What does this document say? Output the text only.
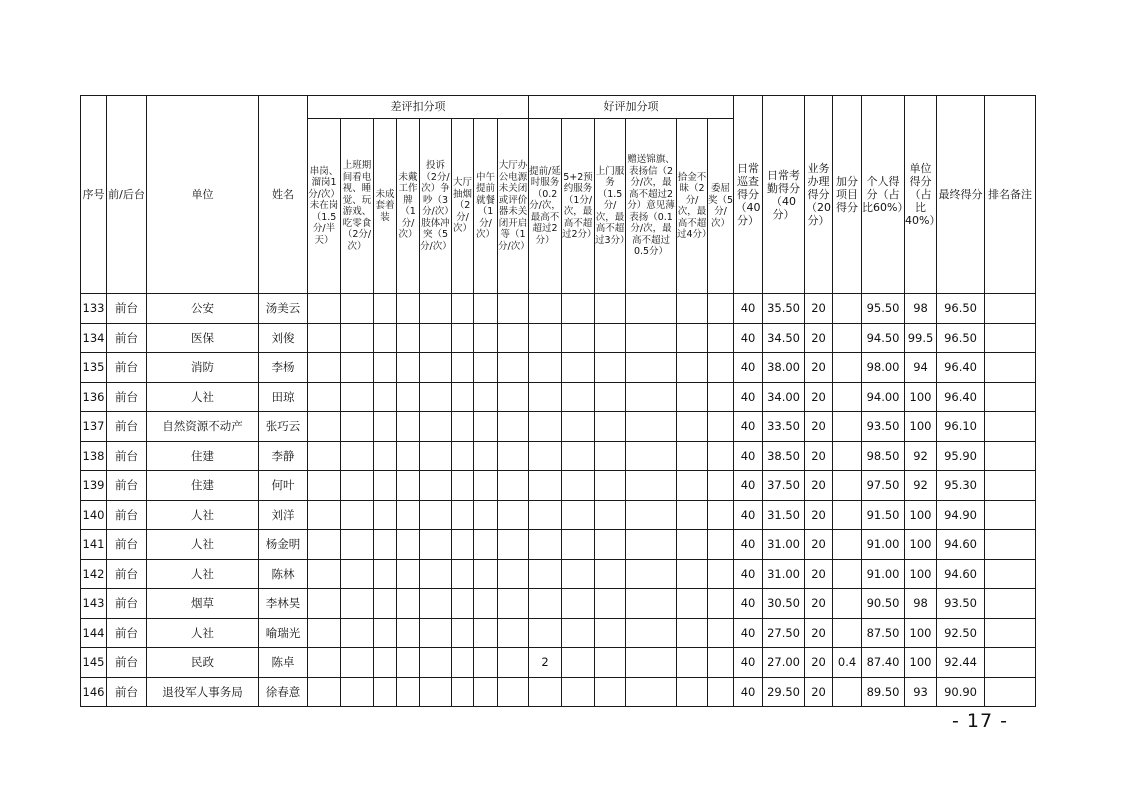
序号	前/后台	单位	姓名	差评扣分项								好评加分项						日常巡查得分（40分）	日常考勤得分（40分）	业务办理得分（20分）	加分项目得分	个人得分（占比60%）	单位得分（占比40%）	最终得分	排名备注
				串岗、溜岗1分/次）未在岗（1.5分/半天）	上班期间看电视、睡觉、玩游戏、吃零食（2分/次）	未成套着装	未戴工作牌（1分/次）	投诉（2分/次）争吵（3分/次）肢体冲突（5分/次）	大厅抽烟（2分/次）	中午提前就餐（1分/次）	大厅办公电源未关闭或评价器未关闭开启等（1分/次）	提前/延时服务（0.2分/次，最高不超过2分）	5+2预约服务（1分/次，最高不超过2分）	上门服务（1.5分/次，最高不超过3分）	赠送锦旗、表扬信（2分/次，最高不超过2分）意见薄表扬（0.1分/次，最高不超过0.5分）	拾金不昧（2分/次，最高不超过4分）	委屈奖（5分/次）								
133	前台	公安	汤美云															40	35.50	20		95.50	98	96.50	
134	前台	医保	刘俊															40	34.50	20		94.50	99.5	96.50	
135	前台	消防	李杨															40	38.00	20		98.00	94	96.40	
136	前台	人社	田琼															40	34.00	20		94.00	100	96.40	
137	前台	自然资源不动产	张巧云															40	33.50	20		93.50	100	96.10	
138	前台	住建	李静															40	38.50	20		98.50	92	95.90	
139	前台	住建	何叶															40	37.50	20		97.50	92	95.30	
140	前台	人社	刘洋															40	31.50	20		91.50	100	94.90	
141	前台	人社	杨金明															40	31.00	20		91.00	100	94.60	
142	前台	人社	陈林															40	31.00	20		91.00	100	94.60	
143	前台	烟草	李林昊															40	30.50	20		90.50	98	93.50	
144	前台	人社	喻瑞光															40	27.50	20		87.50	100	92.50	
145	前台	民政	陈卓									2						40	27.00	20	0.4	87.40	100	92.44	
146	前台	退役军人事务局	徐春意															40	29.50	20		89.50	93	90.90	
- 17 -
